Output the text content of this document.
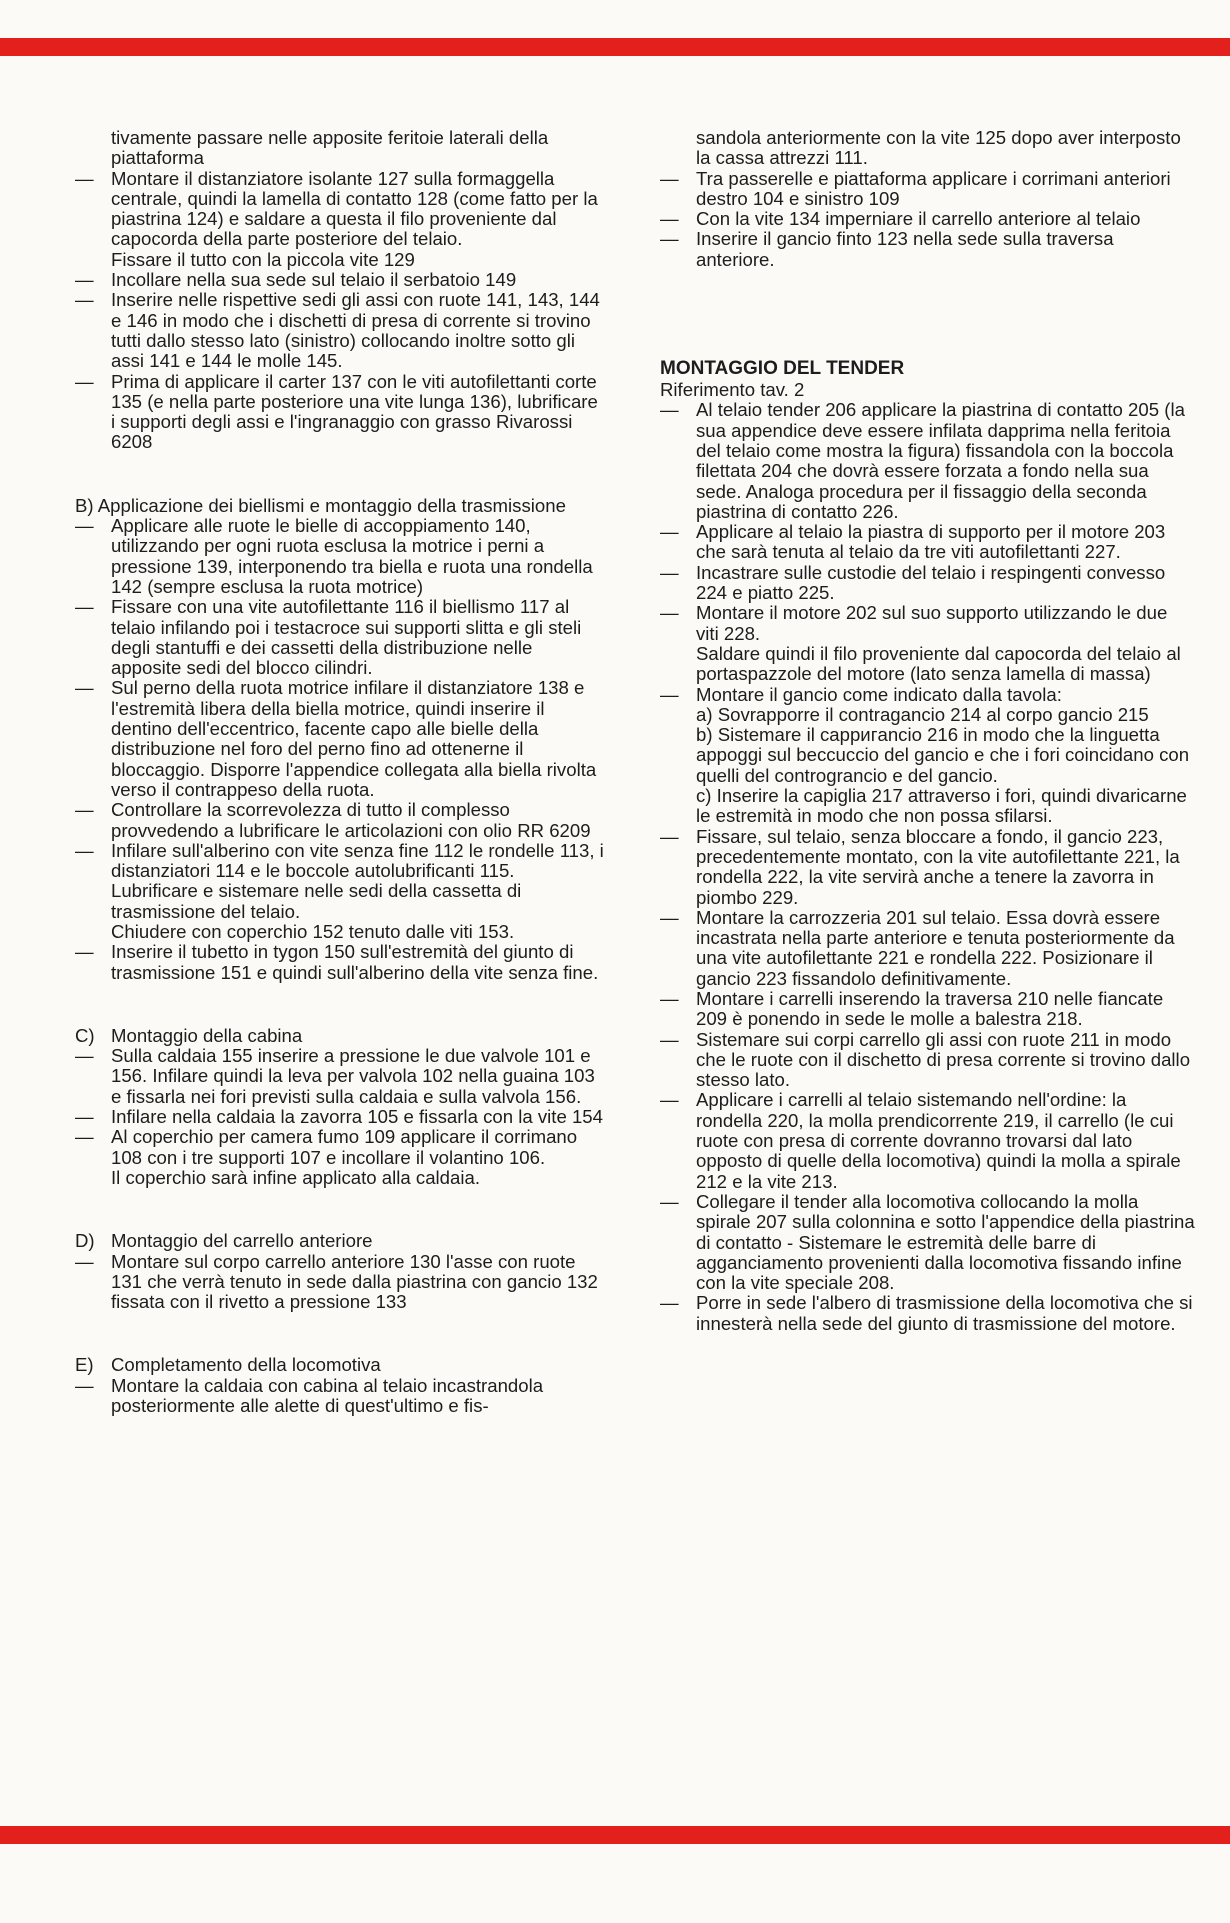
tivamente passare nelle apposite feritoie laterali della piattaforma

— Montare il distanziatore isolante 127 sulla formaggella centrale, quindi la lamella di contatto 128 (come fatto per la piastrina 124) e saldare a questa il filo proveniente dal capocorda della parte posteriore del telaio.

Fissare il tutto con la piccola vite 129

— Incollare nella sua sede sul telaio il serbatoio 149

— Inserire nelle rispettive sedi gli assi con ruote 141, 143, 144 e 146 in modo che i dischetti di presa di corrente si trovino tutti dallo stesso lato (sinistro) collocando inoltre sotto gli assi 141 e 144 le molle 145.

— Prima di applicare il carter 137 con le viti autofilettanti corte 135 (e nella parte posteriore una vite lunga 136), lubrificare i supporti degli assi e l'ingranaggio con grasso Rivarossi 6208

B) Applicazione dei biellismi e montaggio della trasmissione

— Applicare alle ruote le bielle di accoppiamento 140, utilizzando per ogni ruota esclusa la motrice i perni a pressione 139, interponendo tra biella e ruota una rondella 142 (sempre esclusa la ruota motrice)

— Fissare con una vite autofilettante 116 il biellismo 117 al telaio infilando poi i testacroce sui supporti slitta e gli steli degli stantuffi e dei cassetti della distribuzione nelle apposite sedi del blocco cilindri.

— Sul perno della ruota motrice infilare il distanziatore 138 e l'estremità libera della biella motrice, quindi inserire il dentino dell'eccentrico, facente capo alle bielle della distribuzione nel foro del perno fino ad ottenerne il bloccaggio. Disporre l'appendice collegata alla biella rivolta verso il contrappeso della ruota.

— Controllare la scorrevolezza di tutto il complesso provvedendo a lubrificare le articolazioni con olio RR 6209

— Infilare sull'alberino con vite senza fine 112 le rondelle 113, i distanziatori 114 e le boccole autolubrificanti 115. Lubrificare e sistemare nelle sedi della cassetta di trasmissione del telaio.

Chiudere con coperchio 152 tenuto dalle viti 153.

— Inserire il tubetto in tygon 150 sull'estremità del giunto di trasmissione 151 e quindi sull'alberino della vite senza fine.

C) Montaggio della cabina
— Sulla caldaia 155 inserire a pressione le due valvole 101 e 156. Infilare quindi la leva per valvola 102 nella guaina 103 e fissarla nei fori previsti sulla caldaia e sulla valvola 156.

— Infilare nella caldaia la zavorra 105 e fissarla con la vite 154

— Al coperchio per camera fumo 109 applicare il corrimano 108 con i tre supporti 107 e incollare il volantino 106.

Il coperchio sarà infine applicato alla caldaia.

D) Montaggio del carrello anteriore
— Montare sul corpo carrello anteriore 130 l'asse con ruote 131 che verrà tenuto in sede dalla piastrina con gancio 132 fissata con il rivetto a pressione 133

E) Completamento della locomotiva
— Montare la caldaia con cabina al telaio incastrandola posteriormente alle alette di quest'ultimo e fis-

sandola anteriormente con la vite 125 dopo aver interposto la cassa attrezzi 111.

— Tra passerelle e piattaforma applicare i corrimani anteriori destro 104 e sinistro 109

— Con la vite 134 imperniare il carrello anteriore al telaio

— Inserire il gancio finto 123 nella sede sulla traversa anteriore.

MONTAGGIO DEL TENDER

Riferimento tav. 2

— Al telaio tender 206 applicare la piastrina di contatto 205 (la sua appendice deve essere infilata dapprima nella feritoia del telaio come mostra la figura) fissandola con la boccola filettata 204 che dovrà essere forzata a fondo nella sua sede. Analoga procedura per il fissaggio della seconda piastrina di contatto 226.

— Applicare al telaio la piastra di supporto per il motore 203 che sarà tenuta al telaio da tre viti autofilettanti 227.

— Incastrare sulle custodie del telaio i respingenti convesso 224 e piatto 225.

— Montare il motore 202 sul suo supporto utilizzando le due viti 228.

Saldare quindi il filo proveniente dal capocorda del telaio al portaspazzole del motore (lato senza lamella di massa)

— Montare il gancio come indicato dalla tavola:

a) Sovrapporre il contragancio 214 al corpo gancio 215

b) Sistemare il capригancio 216 in modo che la linguetta appoggi sul beccuccio del gancio e che i fori coincidano con quelli del contrograncio e del gancio.

c) Inserire la capiglia 217 attraverso i fori, quindi divaricarne le estremità in modo che non possa sfilarsi.

— Fissare, sul telaio, senza bloccare a fondo, il gancio 223, precedentemente montato, con la vite autofilettante 221, la rondella 222, la vite servirà anche a tenere la zavorra in piombo 229.

— Montare la carrozzeria 201 sul telaio. Essa dovrà essere incastrata nella parte anteriore e tenuta posteriormente da una vite autofilettante 221 e rondella 222. Posizionare il gancio 223 fissandolo definitivamente.

— Montare i carrelli inserendo la traversa 210 nelle fiancate 209 è ponendo in sede le molle a balestra 218.

— Sistemare sui corpi carrello gli assi con ruote 211 in modo che le ruote con il dischetto di presa corrente si trovino dallo stesso lato.

— Applicare i carrelli al telaio sistemando nell'ordine: la rondella 220, la molla prendicorrente 219, il carrello (le cui ruote con presa di corrente dovranno trovarsi dal lato opposto di quelle della locomotiva) quindi la molla a spirale 212 e la vite 213.

— Collegare il tender alla locomotiva collocando la molla spirale 207 sulla colonnina e sotto l'appendice della piastrina di contatto - Sistemare le estremità delle barre di agganciamento provenienti dalla locomotiva fissando infine con la vite speciale 208.

— Porre in sede l'albero di trasmissione della locomotiva che si innesterà nella sede del giunto di trasmissione del motore.
